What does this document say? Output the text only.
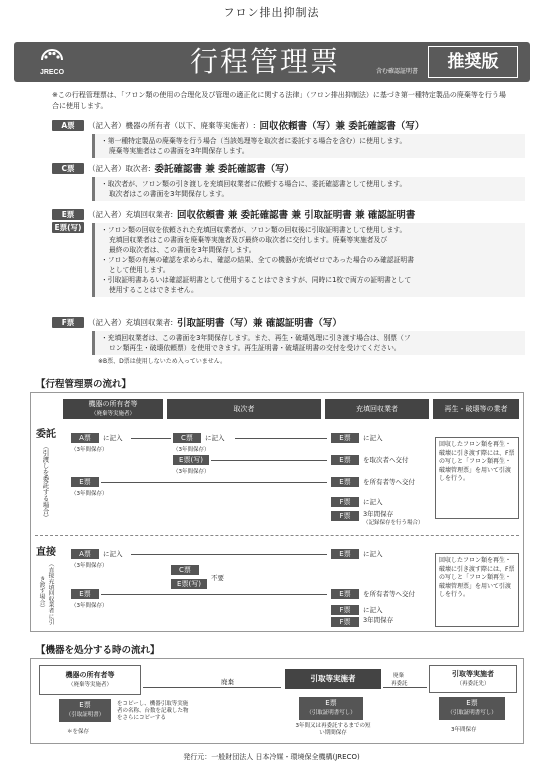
フロン排出抑制法
JRECO	行程管理票	含む確認証明書	推奨版
※この行程管理票は、「フロン類の使用の合理化及び管理の適正化に関する法律」（フロン排出抑制法）に基づき第一種特定製品の廃棄等を行う場合に使用します。
A票	（記入者）機器の所有者（以下、廃棄等実施者）: 回収依頼書（写）兼 委託確認書（写）
・第一種特定製品の廃棄等を行う場合（当該処理等を取次者に委託する場合を含む）に使用します。
廃棄等実施者はこの書面を3年間保存します。
C票	（記入者）取次者: 委託確認書 兼 委託確認書（写）
・取次者が、フロン類の引き渡しを充填回収業者に依頼する場合に、委託確認書として使用します。
取次者はこの書面を3年間保存します。
E票	（記入者）充填回収業者: 回収依頼書 兼 委託確認書 兼 引取証明書 兼 確認証明書
E票(写)	・フロン類の回収を依頼された充填回収業者が、フロン類の回収後に引取証明書として使用します。
充填回収業者はこの書面を廃棄等実施者及び最終の取次者に交付します。廃棄等実施者及び
最終の取次者は、この書面を3年間保存します。
・フロン類の有無の確認を求められ、確認の結果、全ての機器が充填ゼロであった場合のみ確認証明書
として使用します。
・引取証明書あるいは確認証明書として使用することはできますが、同時に1枚で両方の証明書として
使用することはできません。
F票	（記入者）充填回収業者: 引取証明書（写）兼 確認証明書（写）
・充填回収業者は、この書面を3年間保存します。また、再生・破壊処理に引き渡す場合は、別票（フ
ロン類再生・破壊依頼票）を使用できます。再生証明書・破壊証明書の交付を受けてください。
※B票、D票は使用しないため入っていません。
【行程管理票の流れ】
機器の所有者等
（廃棄等実施者）
取次者	充填回収業者	再生・破壊等の業者
委託
（引渡しを委託する場合）
直接
（直接充填回収業者に引き渡す場合）
A票	に記入
（3年間保存）
C票	に記入
（3年間保存）
E票	に記入
E票(写)
（3年間保存）
E票	を取次者へ交付
E票
（3年間保存）
E票	を所有者等へ交付
F票	に記入
F票	3年間保存
（記録保存を行う場合）
回収したフロン類を再生・破壊に引き渡す際には、F票の写しと「フロン類再生・破壊管理票」を用いて引渡しを行う。
A票	に記入
（3年間保存）
E票	に記入
C票
E票(写)
不要
E票
（3年間保存）
E票	を所有者等へ交付
F票	に記入
F票	3年間保存
回収したフロン類を再生・破壊に引き渡す際には、F票の写しと「フロン類再生・破壊管理票」を用いて引渡しを行う。
【機器を処分する時の流れ】
機器の所有者等
（廃棄等実施者）
E票
（引取証明書）
＊を保存
をコピーし、機器引取等実施者の名称、台数を記載した物をさらにコピーする
廃棄	引取等実施者
E票
（引取証明書写し）
3年間又は再委託するまでの短い期間保存
廃棄
再委託
引取等実施者
（再委託先）
E票
（引取証明書写し）
3年間保存
発行元：一般財団法人 日本冷媒・環境保全機構(JRECO)
